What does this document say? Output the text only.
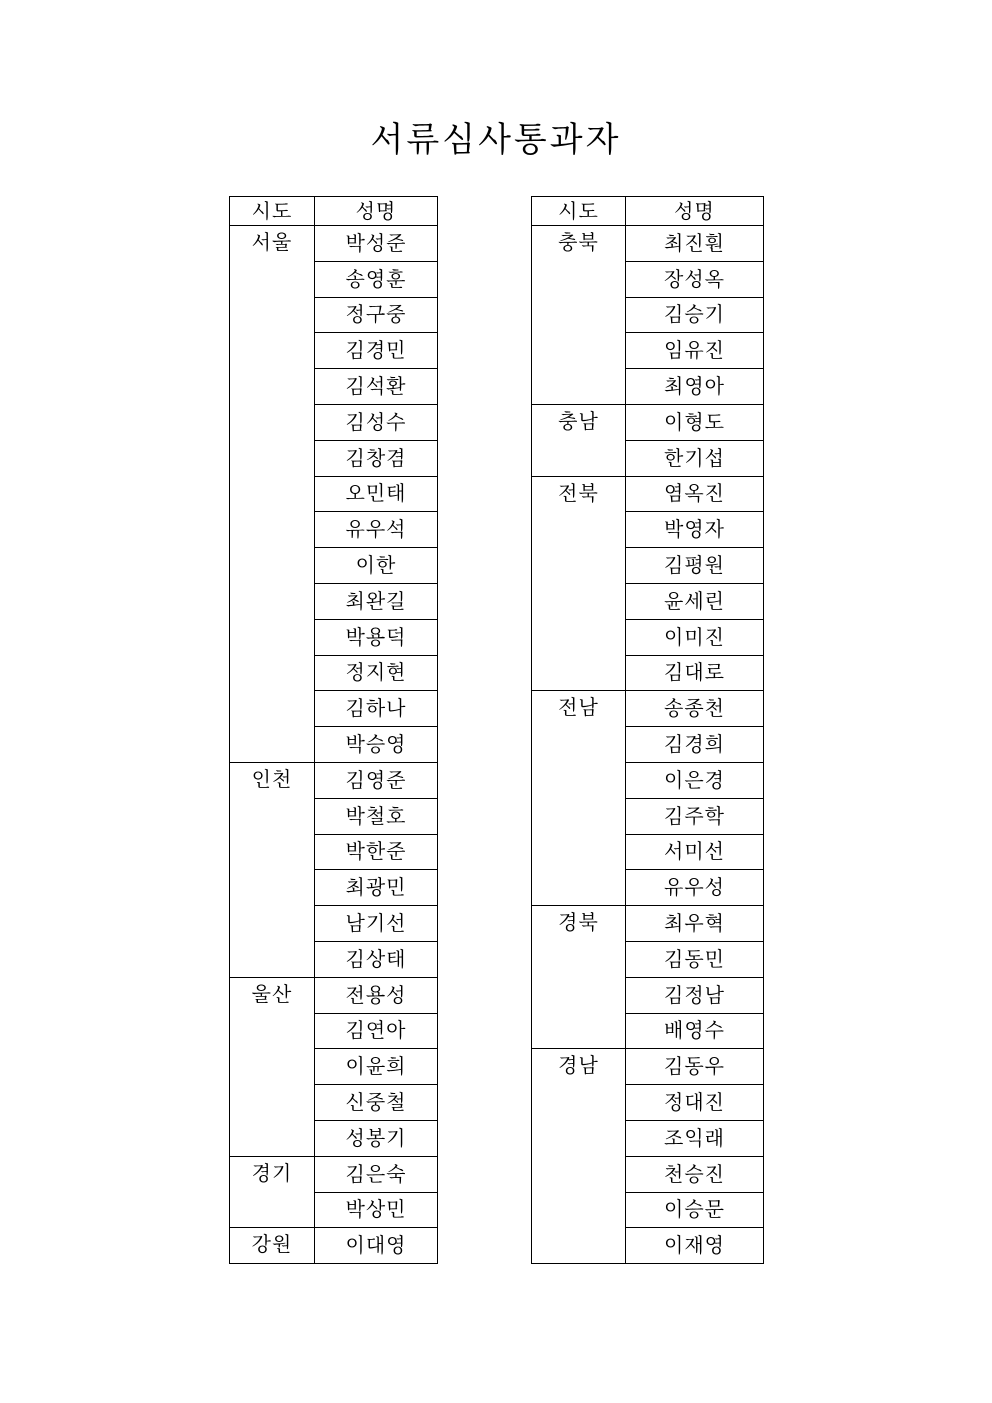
서류심사통과자
시도	성명
서울	박성준
	송영훈
	정구중
	김경민
	김석환
	김성수
	김창겸
	오민태
	유우석
	이한
	최완길
	박용덕
	정지현
	김하나
	박승영
인천	김영준
	박철호
	박한준
	최광민
	남기선
	김상태
울산	전용성
	김연아
	이윤희
	신중철
	성봉기
경기	김은숙
	박상민
강원	이대영
시도	성명
충북	최진훤
	장성옥
	김승기
	임유진
	최영아
충남	이형도
	한기섭
전북	염옥진
	박영자
	김평원
	윤세린
	이미진
	김대로
전남	송종천
	김경희
	이은경
	김주학
	서미선
	유우성
경북	최우혁
	김동민
	김정남
	배영수
경남	김동우
	정대진
	조익래
	천승진
	이승문
	이재영
